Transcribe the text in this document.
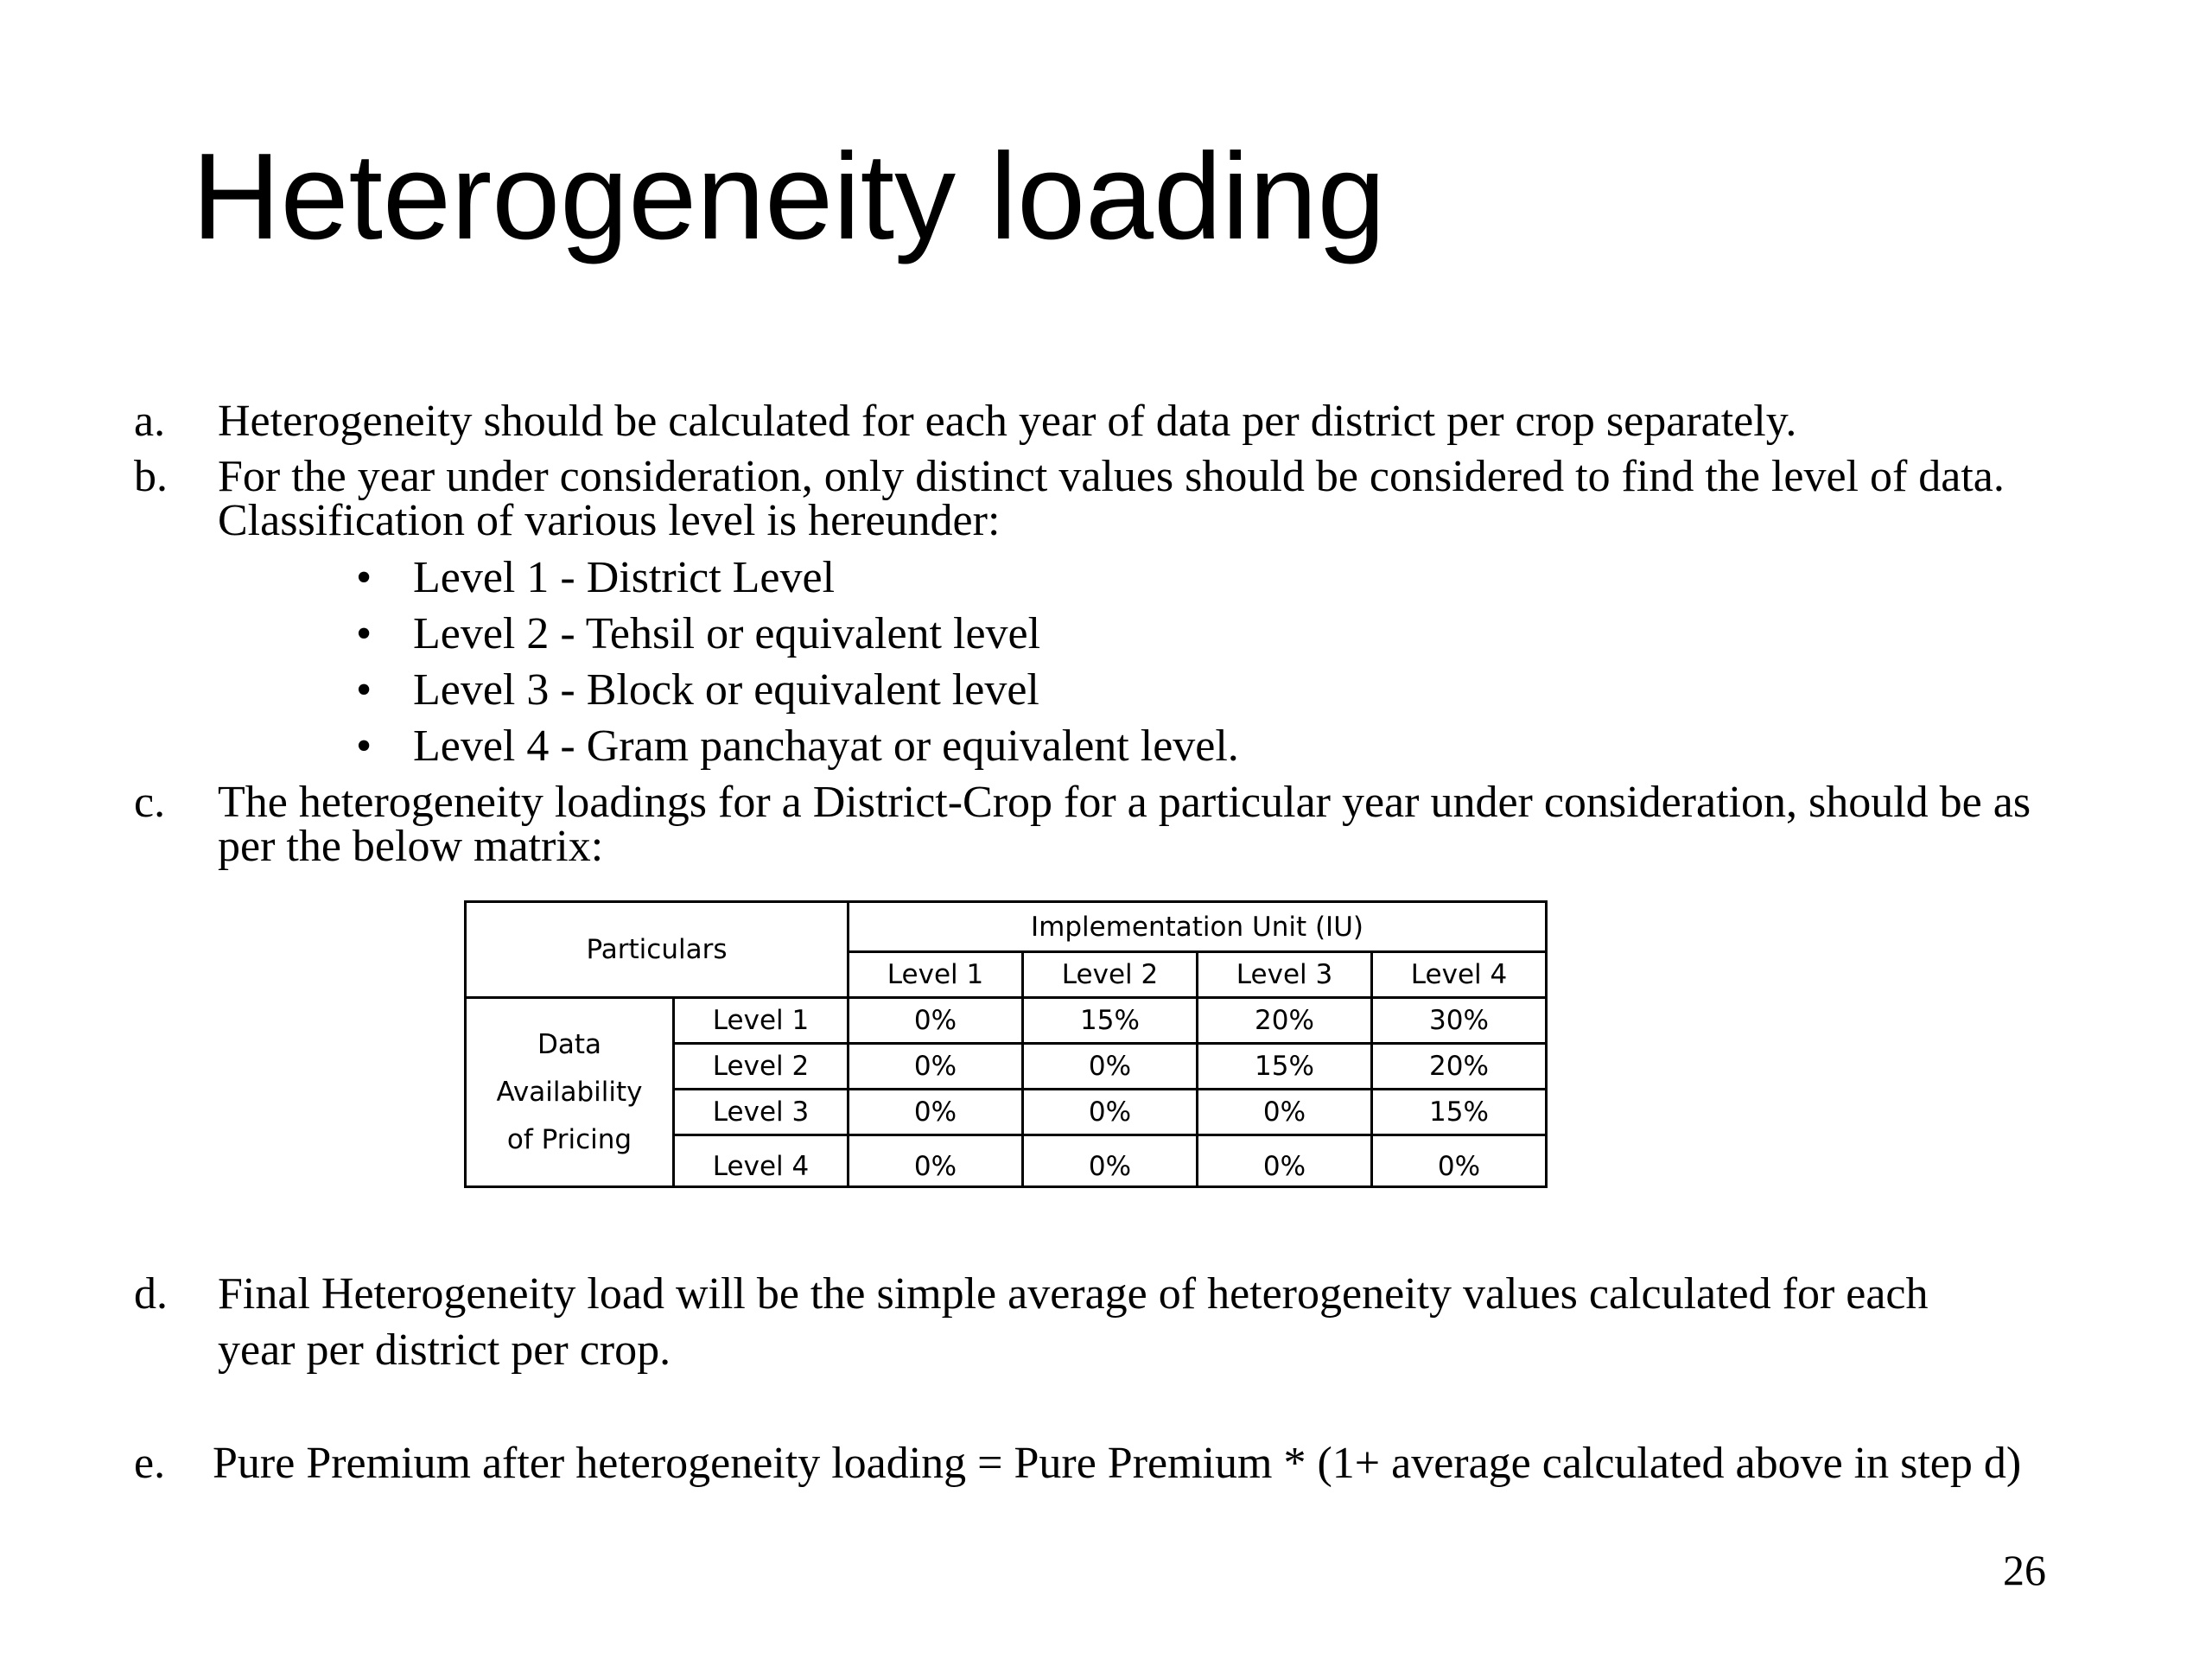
Heterogeneity loading
a. Heterogeneity should be calculated for each year of data per district per crop separately.
b. For the year under consideration, only distinct values should be considered to find the level of data.
Classification of various level is hereunder:
• Level 1 - District Level
• Level 2 - Tehsil or equivalent level
• Level 3 - Block or equivalent level
• Level 4 - Gram panchayat or equivalent level.
c. The heterogeneity loadings for a District-Crop for a particular year under consideration, should be as
per the below matrix:
Particulars		Implementation Unit (IU)			
		Level 1	Level 2	Level 3	Level 4

Data
Availability
of Pricing	Level 1	0%	15%	20%	30%
	Level 2	0%	0%	15%	20%
	Level 3	0%	0%	0%	15%
	Level 4	0%	0%	0%	0%
d. Final Heterogeneity load will be the simple average of heterogeneity values calculated for each
year per district per crop.
e. Pure Premium after heterogeneity loading = Pure Premium * (1+ average calculated above in step d)
26
